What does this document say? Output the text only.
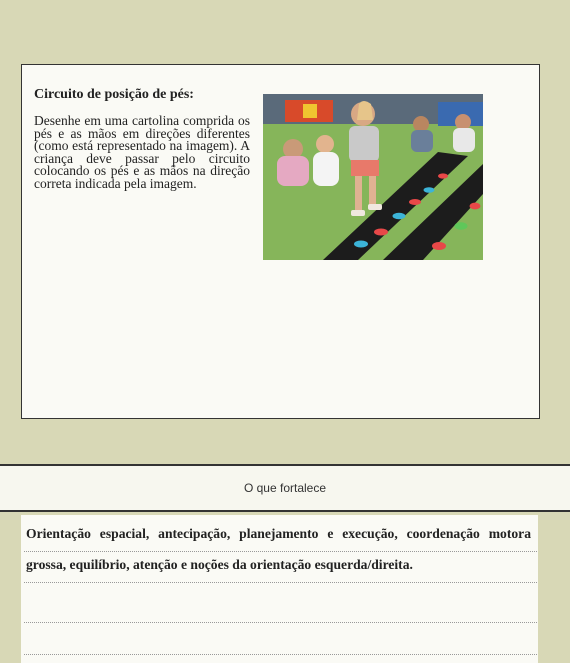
Circuito de posição de pés:

Desenhe em uma cartolina comprida os pés e as mãos em direções diferentes (como está representado na imagem). A criança deve passar pelo circuito colocando os pés e as mãos na direção correta indicada pela imagem.

O que fortalece

Orientação espacial, antecipação, planejamento e execução, coordenação motora grossa, equilíbrio, atenção e noções da orientação esquerda/direita.
